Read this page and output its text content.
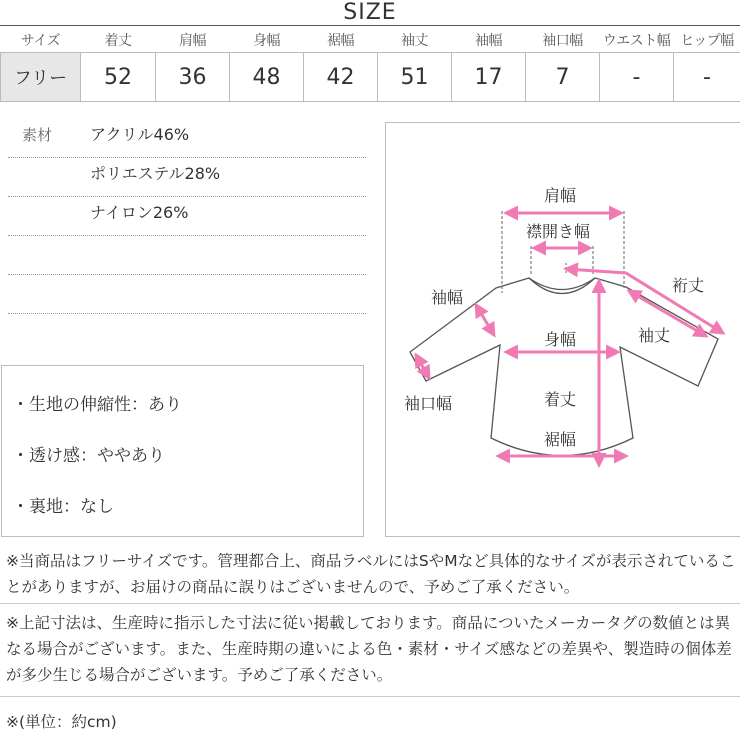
SIZE
サイズ	着丈	肩幅	身幅	裾幅	袖丈	袖幅	袖口幅	ウエスト幅	ヒップ幅
フリー	52	36	48	42	51	17	7	-	-
素材 アクリル46%
ポリエステル28%
ナイロン26%
・生地の伸縮性：あり
・透け感：ややあり
・裏地：なし
肩幅
襟開き幅
裄丈
袖幅
身幅	袖丈
袖口幅	着丈
裾幅
※当商品はフリーサイズです。管理都合上、商品ラベルにはSやMなど具体的なサイズが表示されていることがありますが、お届けの商品に誤りはございませんので、予めご了承ください。
※上記寸法は、生産時に指示した寸法に従い掲載しております。商品についたメーカータグの数値とは異なる場合がございます。また、生産時期の違いによる色・素材・サイズ感などの差異や、製造時の個体差が多少生じる場合がございます。予めご了承ください。
※(単位：約cm)
